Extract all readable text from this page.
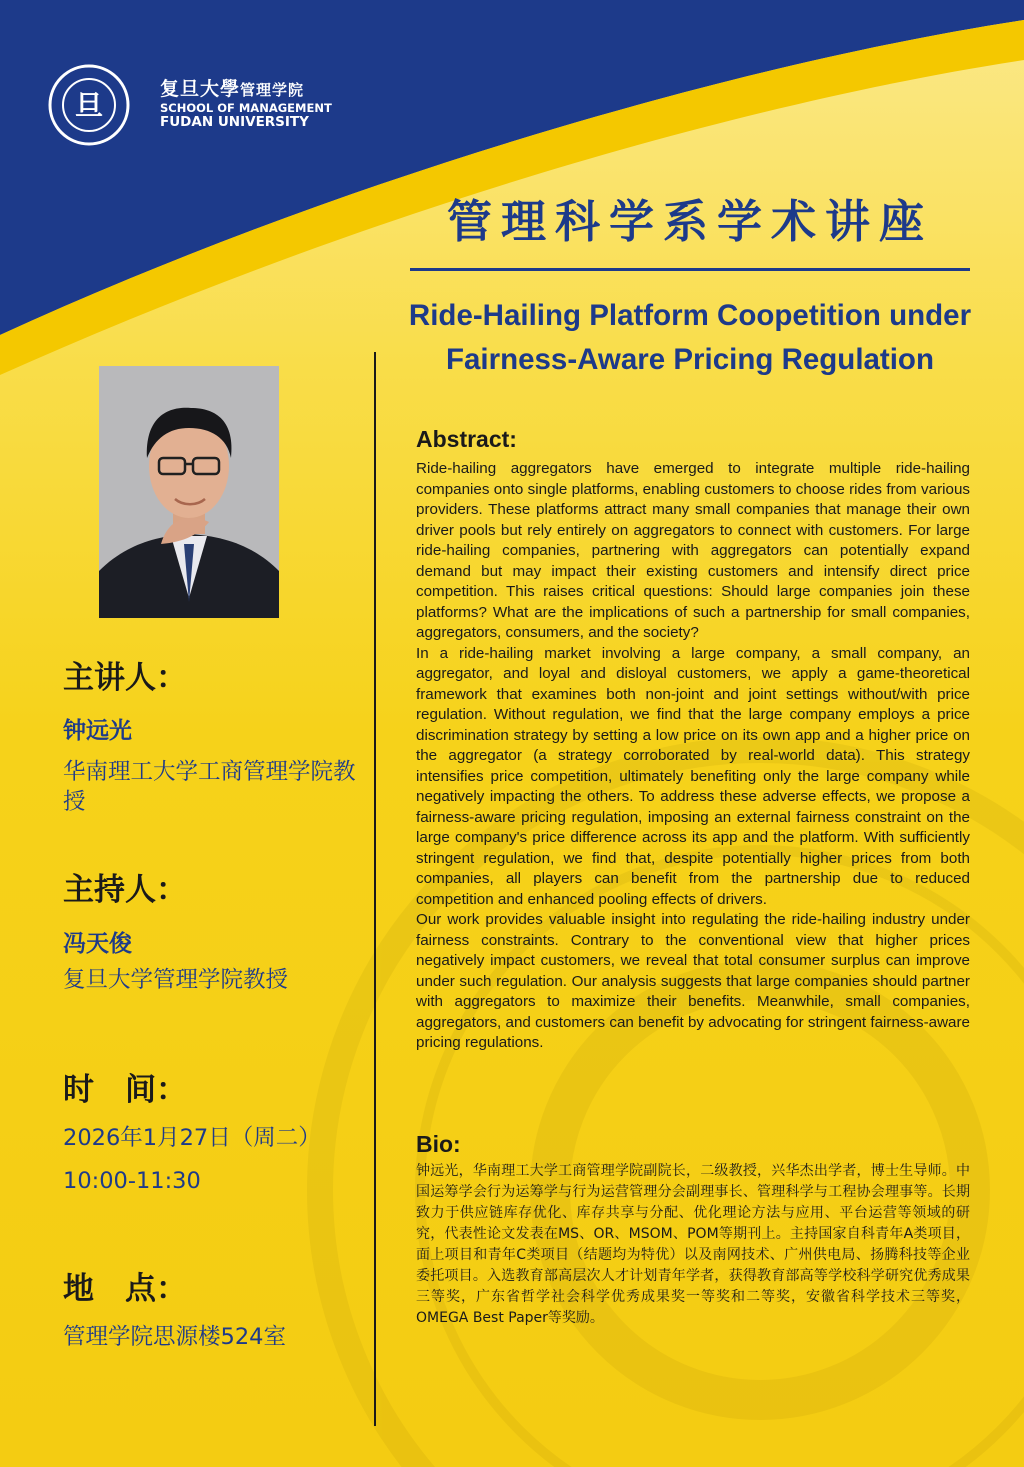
旦	复旦大學管理学院
SCHOOL OF MANAGEMENT
FUDAN UNIVERSITY
管理科学系学术讲座
Ride-Hailing Platform Coopetition under Fairness-Aware Pricing Regulation
主讲人：
钟远光
华南理工大学工商管理学院教授
主持人：
冯天俊
复旦大学管理学院教授
时　间：
2026年1月27日（周二）
10:00-11:30
地　点：
管理学院思源楼524室
Abstract:

Ride-hailing aggregators have emerged to integrate multiple ride-hailing companies onto single platforms, enabling customers to choose rides from various providers. These platforms attract many small companies that manage their own driver pools but rely entirely on aggregators to connect with customers. For large ride-hailing companies, partnering with aggregators can potentially expand demand but may impact their existing customers and intensify direct price competition. This raises critical questions: Should large companies join these platforms? What are the implications of such a partnership for small companies, aggregators, consumers, and the society?

In a ride-hailing market involving a large company, a small company, an aggregator, and loyal and disloyal customers, we apply a game-theoretical framework that examines both non-joint and joint settings without/with price regulation. Without regulation, we find that the large company employs a price discrimination strategy by setting a low price on its own app and a higher price on the aggregator (a strategy corroborated by real-world data). This strategy intensifies price competition, ultimately benefiting only the large company while negatively impacting the others. To address these adverse effects, we propose a fairness-aware pricing regulation, imposing an external fairness constraint on the large company's price difference across its app and the platform. With sufficiently stringent regulation, we find that, despite potentially higher prices from both companies, all players can benefit from the partnership due to reduced competition and enhanced pooling effects of drivers.

Our work provides valuable insight into regulating the ride-hailing industry under fairness constraints. Contrary to the conventional view that higher prices negatively impact customers, we reveal that total consumer surplus can improve under such regulation. Our analysis suggests that large companies should partner with aggregators to maximize their benefits. Meanwhile, small companies, aggregators, and customers can benefit by advocating for stringent fairness-aware pricing regulations.

Bio:
钟远光，华南理工大学工商管理学院副院长，二级教授，兴华杰出学者，博士生导师。中国运筹学会行为运筹学与行为运营管理分会副理事长、管理科学与工程协会理事等。长期致力于供应链库存优化、库存共享与分配、优化理论方法与应用、平台运营等领域的研究，代表性论文发表在MS、OR、MSOM、POM等期刊上。主持国家自科青年A类项目，面上项目和青年C类项目（结题均为特优）以及南网技术、广州供电局、扬腾科技等企业委托项目。入选教育部高层次人才计划青年学者，获得教育部高等学校科学研究优秀成果三等奖，广东省哲学社会科学优秀成果奖一等奖和二等奖，安徽省科学技术三等奖，OMEGA Best Paper等奖励。
